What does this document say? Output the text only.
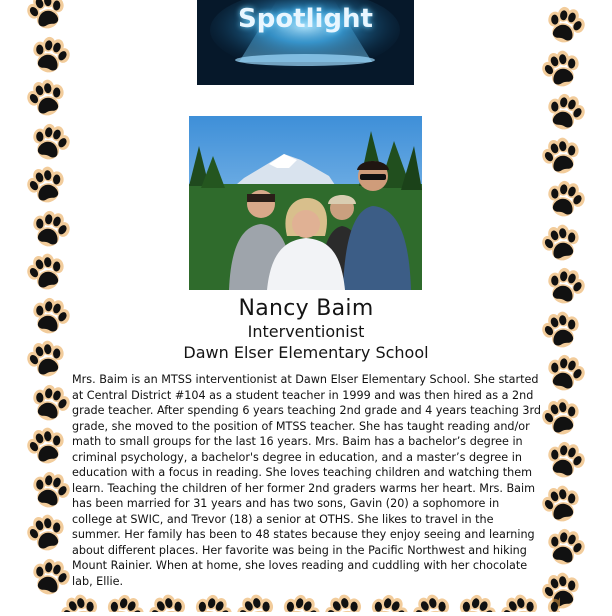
Spotlight
Nancy Baim
Interventionist
Dawn Elser Elementary School

Mrs. Baim is an MTSS interventionist at Dawn Elser Elementary School. She started at Central District #104 as a student teacher in 1999 and was then hired as a 2nd grade teacher. After spending 6 years teaching 2nd grade and 4 years teaching 3rd grade, she moved to the position of MTSS teacher. She has taught reading and/or math to small groups for the last 16 years. Mrs. Baim has a bachelor’s degree in criminal psychology, a bachelor's degree in education, and a master’s degree in education with a focus in reading. She loves teaching children and watching them learn. Teaching the children of her former 2nd graders warms her heart. Mrs. Baim has been married for 31 years and has two sons, Gavin (20) a sophomore in college at SWIC, and Trevor (18) a senior at OTHS. She likes to travel in the summer. Her family has been to 48 states because they enjoy seeing and learning about different places. Her favorite was being in the Pacific Northwest and hiking Mount Rainier. When at home, she loves reading and cuddling with her chocolate lab, Ellie.
